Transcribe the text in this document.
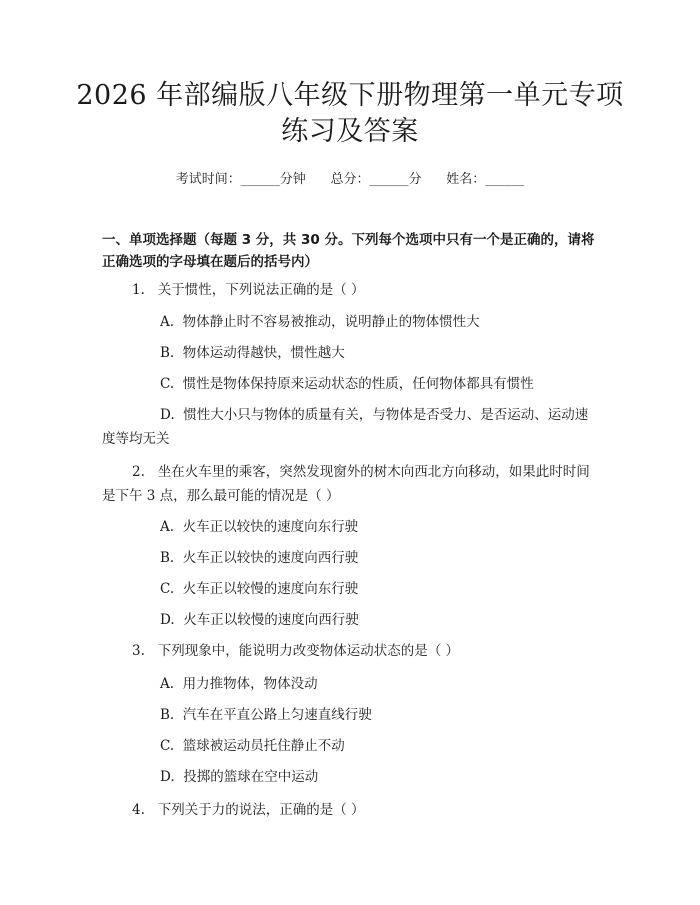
2026 年部编版八年级下册物理第一单元专项
练习及答案
考试时间：______分钟      总分：______分      姓名：______
一、单项选择题（每题 3 分，共 30 分。下列每个选项中只有一个是正确的，请将
正确选项的字母填在题后的括号内）
1.   关于惯性，下列说法正确的是（ ）
A.  物体静止时不容易被推动，说明静止的物体惯性大
B.  物体运动得越快，惯性越大
C.  惯性是物体保持原来运动状态的性质，任何物体都具有惯性
D.  惯性大小只与物体的质量有关，与物体是否受力、是否运动、运动速
度等均无关
2.   坐在火车里的乘客，突然发现窗外的树木向西北方向移动，如果此时时间
是下午 3 点，那么最可能的情况是（ ）
A.  火车正以较快的速度向东行驶
B.  火车正以较快的速度向西行驶
C.  火车正以较慢的速度向东行驶
D.  火车正以较慢的速度向西行驶
3.   下列现象中，能说明力改变物体运动状态的是（ ）
A.  用力推物体，物体没动
B.  汽车在平直公路上匀速直线行驶
C.  篮球被运动员托住静止不动
D.  投掷的篮球在空中运动
4.   下列关于力的说法，正确的是（ ）
